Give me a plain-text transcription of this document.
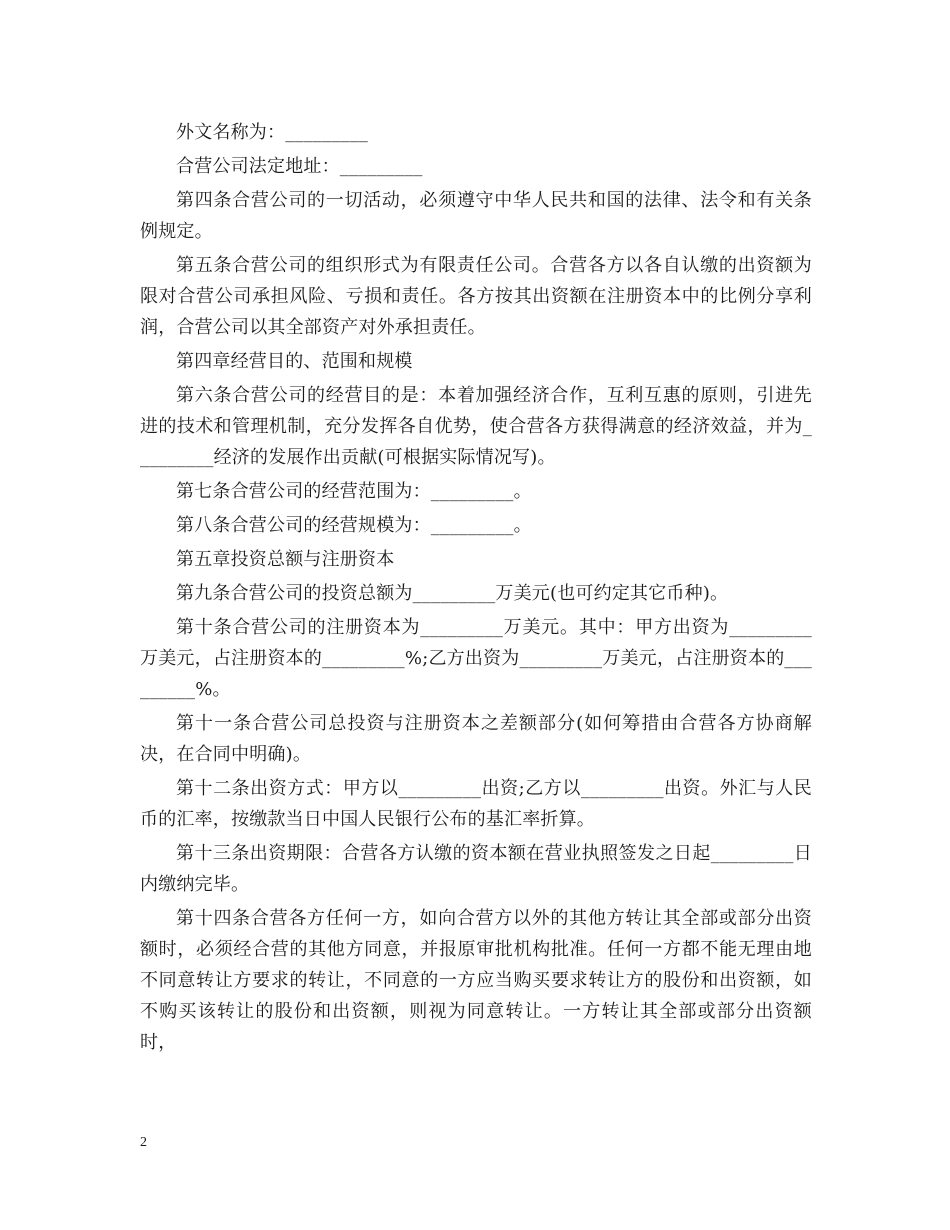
外文名称为：_________

合营公司法定地址：_________

第四条合营公司的一切活动，必须遵守中华人民共和国的法律、法令和有关条例规定。

第五条合营公司的组织形式为有限责任公司。合营各方以各自认缴的出资额为限对合营公司承担风险、亏损和责任。各方按其出资额在注册资本中的比例分享利润，合营公司以其全部资产对外承担责任。

第四章经营目的、范围和规模

第六条合营公司的经营目的是：本着加强经济合作，互利互惠的原则，引进先进的技术和管理机制，充分发挥各自优势，使合营各方获得满意的经济效益，并为_________经济的发展作出贡献(可根据实际情况写)。

第七条合营公司的经营范围为：_________。

第八条合营公司的经营规模为：_________。

第五章投资总额与注册资本

第九条合营公司的投资总额为_________万美元(也可约定其它币种)。

第十条合营公司的注册资本为_________万美元。其中：甲方出资为_________万美元，占注册资本的_________%;乙方出资为_________万美元，占注册资本的_________%。

第十一条合营公司总投资与注册资本之差额部分(如何筹措由合营各方协商解决，在合同中明确)。

第十二条出资方式：甲方以_________出资;乙方以_________出资。外汇与人民币的汇率，按缴款当日中国人民银行公布的基汇率折算。

第十三条出资期限：合营各方认缴的资本额在营业执照签发之日起_________日内缴纳完毕。

第十四条合营各方任何一方，如向合营方以外的其他方转让其全部或部分出资额时，必须经合营的其他方同意，并报原审批机构批准。任何一方都不能无理由地不同意转让方要求的转让，不同意的一方应当购买要求转让方的股份和出资额，如不购买该转让的股份和出资额，则视为同意转让。一方转让其全部或部分出资额时，

2
